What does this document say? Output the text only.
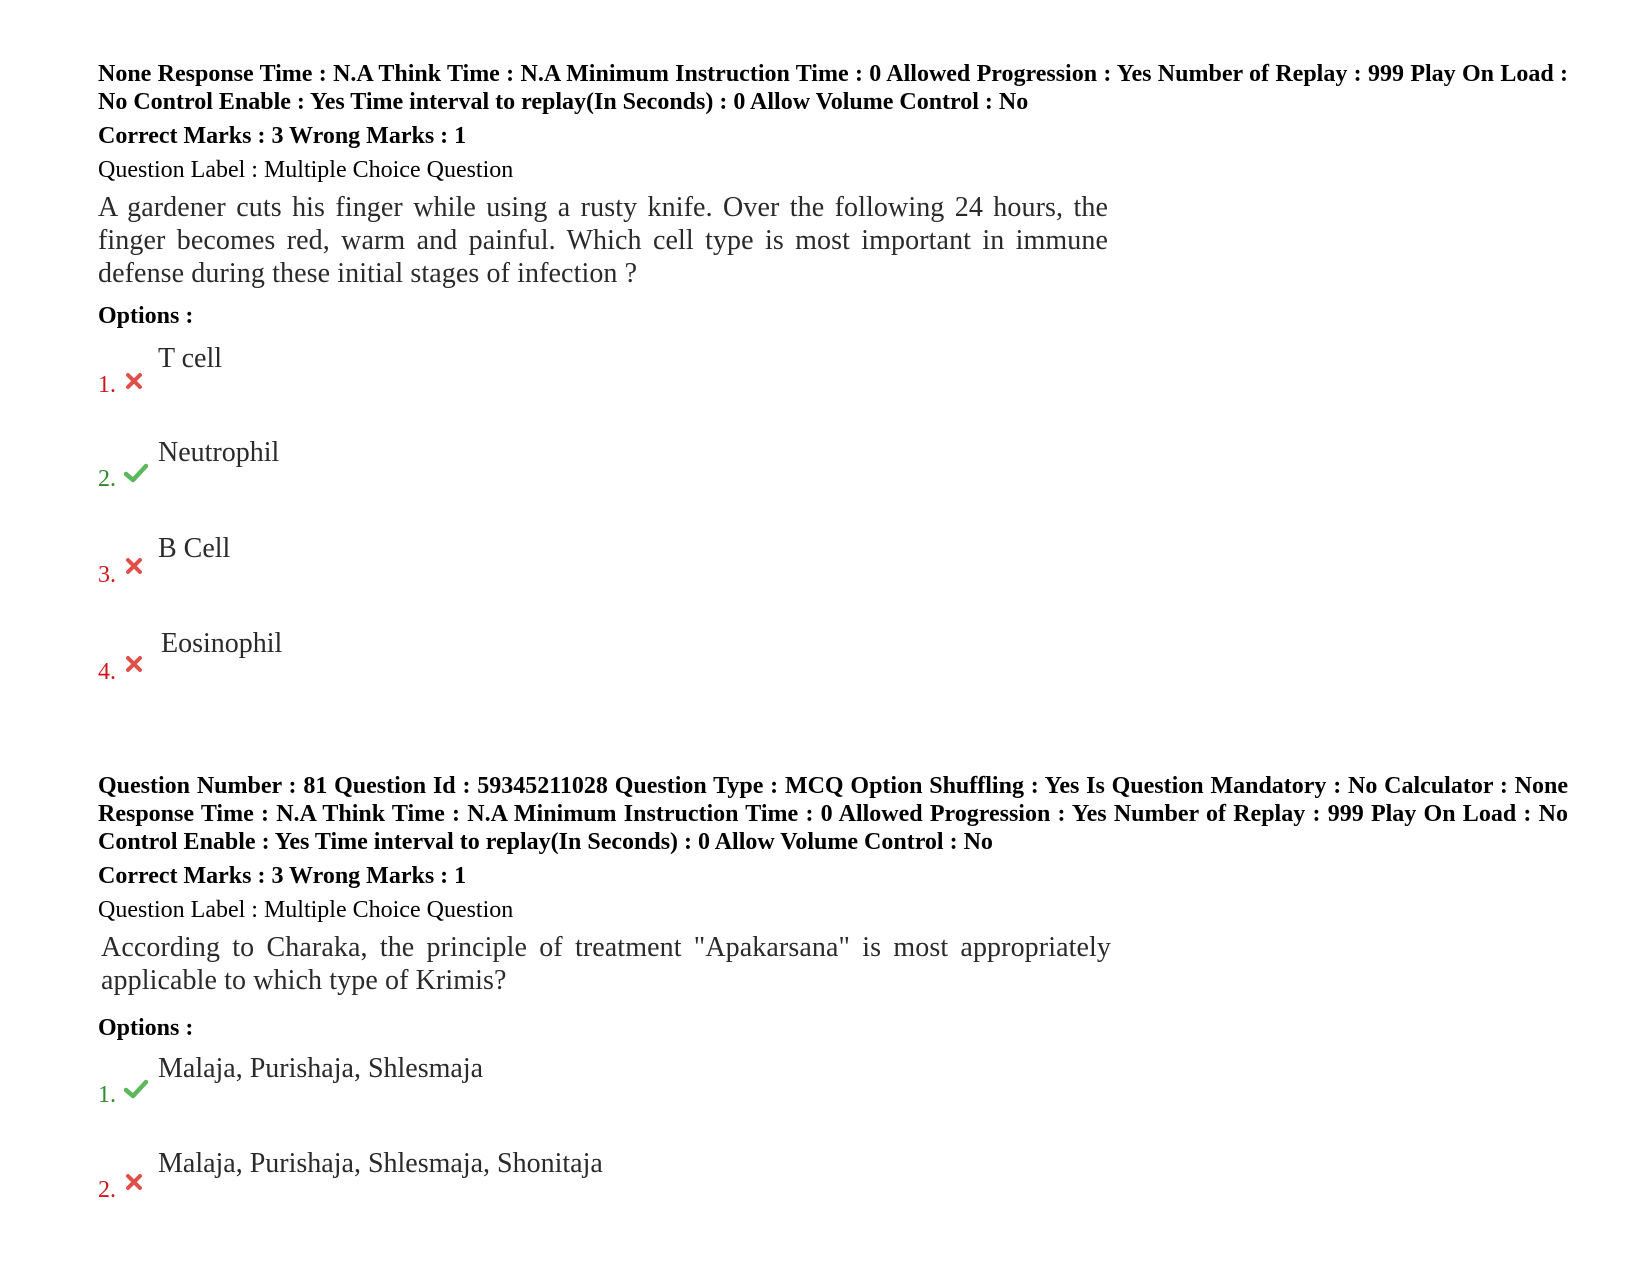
None Response Time : N.A Think Time : N.A Minimum Instruction Time : 0 Allowed Progression : Yes Number of Replay : 999 Play On Load : No Control Enable : Yes Time interval to replay(In Seconds) : 0 Allow Volume Control : No
Correct Marks : 3 Wrong Marks : 1
Question Label : Multiple Choice Question
A gardener cuts his finger while using a rusty knife. Over the following 24 hours, the finger becomes red, warm and painful. Which cell type is most important in immune defense during these initial stages of infection ?
Options :
1.
T cell
2.
Neutrophil
3.
B Cell
4.
Eosinophil
Question Number : 81 Question Id : 59345211028 Question Type : MCQ Option Shuffling : Yes Is Question Mandatory : No Calculator : None Response Time : N.A Think Time : N.A Minimum Instruction Time : 0 Allowed Progression : Yes Number of Replay : 999 Play On Load : No Control Enable : Yes Time interval to replay(In Seconds) : 0 Allow Volume Control : No
Correct Marks : 3 Wrong Marks : 1
Question Label : Multiple Choice Question
According to Charaka, the principle of treatment "Apakarsana" is most appropriately applicable to which type of Krimis?
Options :
1.
Malaja, Purishaja, Shlesmaja
2.
Malaja, Purishaja, Shlesmaja, Shonitaja
